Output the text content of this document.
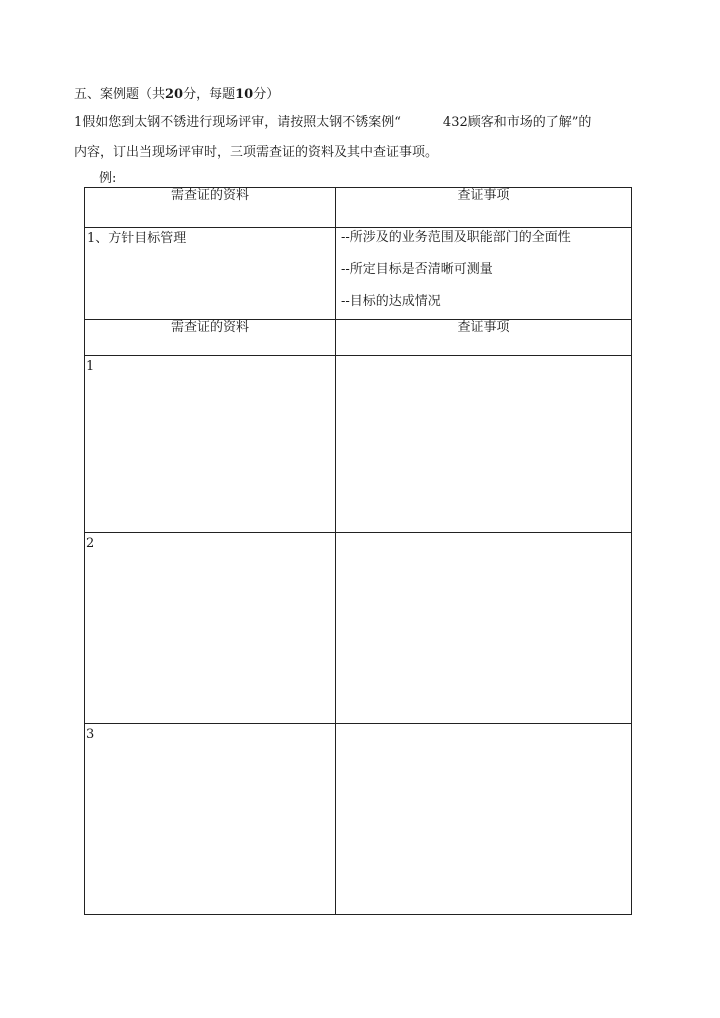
五、案例题（共20分，每题10分）
1假如您到太钢不锈进行现场评审，请按照太钢不锈案例“	432顾客和市场的了解”的
内容，订出当现场评审时，三项需查证的资料及其中查证事项。
例:
需查证的资料	查证事项
1、方针目标管理	--所涉及的业务范围及职能部门的全面性
--所定目标是否清晰可测量
--目标的达成情况

需查证的资料	查证事项
1	
2	
3	
